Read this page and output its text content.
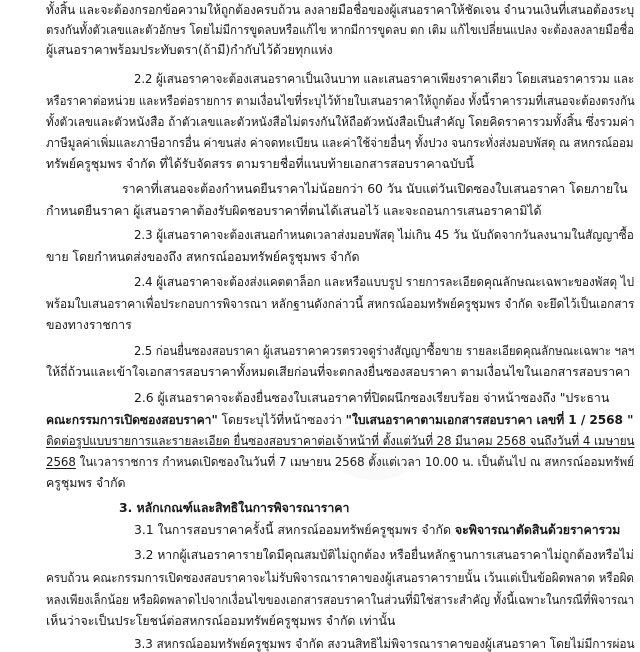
ทั้งสิ้น และจะต้องกรอกข้อความให้ถูกต้องครบถ้วน ลงลายมือชื่อของผู้เสนอราคาให้ชัดเจน จำนวนเงินที่เสนอต้องระบุ
ตรงกันทั้งตัวเลขและตัวอักษร โดยไม่มีการขูดลบหรือแก้ไข หากมีการขูดลบ ตก เติม แก้ไขเปลี่ยนแปลง จะต้องลงลายมือชื่อ
ผู้เสนอราคาพร้อมประทับตรา(ถ้ามี)กำกับไว้ด้วยทุกแห่ง
2.2 ผู้เสนอราคาจะต้องเสนอราคาเป็นเงินบาท และเสนอราคาเพียงราคาเดียว โดยเสนอราคารวม และ
หรือราคาต่อหน่วย และหรือต่อรายการ ตามเงื่อนไขที่ระบุไว้ท้ายใบเสนอราคาให้ถูกต้อง ทั้งนี้ราคารวมที่เสนอจะต้องตรงกัน
ทั้งตัวเลขและตัวหนังสือ ถ้าตัวเลขและตัวหนังสือไม่ตรงกันให้ถือตัวหนังสือเป็นสำคัญ โดยคิดราคารวมทั้งสิ้น ซึ่งรวมค่า
ภาษีมูลค่าเพิ่มและภาษีอากรอื่น ค่าขนส่ง ค่าจดทะเบียน และค่าใช้จ่ายอื่นๆ ทั้งปวง จนกระทั่งส่งมอบพัสดุ ณ สหกรณ์ออม
ทรัพย์ครูชุมพร จำกัด ที่ได้รับจัดสรร ตามรายชื่อที่แนบท้ายเอกสารสอบราคาฉบับนี้
ราคาที่เสนอจะต้องกำหนดยืนราคาไม่น้อยกว่า 60 วัน นับแต่วันเปิดซองใบเสนอราคา โดยภายใน
กำหนดยืนราคา ผู้เสนอราคาต้องรับผิดชอบราคาที่ตนได้เสนอไว้ และจะถอนการเสนอราคามิได้
2.3 ผู้เสนอราคาจะต้องเสนอกำหนดเวลาส่งมอบพัสดุ ไม่เกิน 45 วัน นับถัดจากวันลงนามในสัญญาซื้อ
ขาย โดยกำหนดส่งของถึง สหกรณ์ออมทรัพย์ครูชุมพร จำกัด
2.4 ผู้เสนอราคาจะต้องส่งแคตตาล็อก และหรือแบบรูป รายการละเอียดคุณลักษณะเฉพาะของพัสดุ ไป
พร้อมใบเสนอราคาเพื่อประกอบการพิจารณา หลักฐานดังกล่าวนี้ สหกรณ์ออมทรัพย์ครูชุมพร จำกัด จะยึดไว้เป็นเอกสาร
ของทางราชการ
2.5 ก่อนยื่นซองสอบราคา ผู้เสนอราคาควรตรวจดูร่างสัญญาซื้อขาย รายละเอียดคุณลักษณะเฉพาะ ฯลฯ
ให้ถี่ถ้วนและเข้าใจเอกสารสอบราคาทั้งหมดเสียก่อนที่จะตกลงยื่นซองสอบราคา ตามเงื่อนไขในเอกสารสอบราคา
2.6 ผู้เสนอราคาจะต้องยื่นซองใบเสนอราคาที่ปิดผนึกซองเรียบร้อย จ่าหน้าซองถึง "ประธาน
คณะกรรมการเปิดซองสอบราคา" โดยระบุไว้ที่หน้าซองว่า "ใบเสนอราคาตามเอกสารสอบราคา เลขที่ 1 / 2568 "
ติดต่อรูปแบบรายการและรายละเอียด ยื่นซองสอบราคาต่อเจ้าหน้าที่ ตั้งแต่วันที่ 28 มีนาคม 2568 จนถึงวันที่ 4 เมษายน
2568 ในเวลาราชการ กำหนดเปิดซองในวันที่ 7 เมษายน 2568 ตั้งแต่เวลา 10.00 น. เป็นต้นไป ณ สหกรณ์ออมทรัพย์
ครูชุมพร จำกัด
3. หลักเกณฑ์และสิทธิในการพิจารณาราคา
3.1 ในการสอบราคาครั้งนี้ สหกรณ์ออมทรัพย์ครูชุมพร จำกัด จะพิจารณาตัดสินด้วยราคารวม
3.2 หากผู้เสนอราคารายใดมีคุณสมบัติไม่ถูกต้อง หรือยื่นหลักฐานการเสนอราคาไม่ถูกต้องหรือไม่
ครบถ้วน คณะกรรมการเปิดซองสอบราคาจะไม่รับพิจารณาราคาของผู้เสนอราคารายนั้น เว้นแต่เป็นข้อผิดพลาด หรือผิด
หลงเพียงเล็กน้อย หรือผิดพลาดไปจากเงื่อนไขของเอกสารสอบราคาในส่วนที่มิใช่สาระสำคัญ ทั้งนี้เฉพาะในกรณีที่พิจารณา
เห็นว่าจะเป็นประโยชน์ต่อสหกรณ์ออมทรัพย์ครูชุมพร จำกัด เท่านั้น
3.3 สหกรณ์ออมทรัพย์ครูชุมพร จำกัด สงวนสิทธิไม่พิจารณาราคาของผู้เสนอราคา โดยไม่มีการผ่อน
